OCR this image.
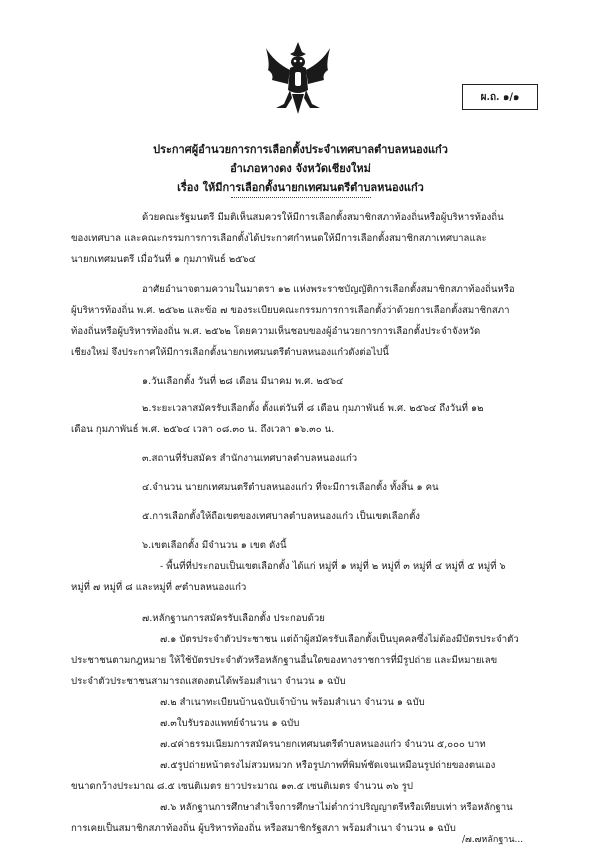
ผ.ถ. ๑/๑
ประกาศผู้อำนวยการการเลือกตั้งประจำเทศบาลตำบลหนองแก๋ว
อำเภอหางดง จังหวัดเชียงใหม่
เรื่อง ให้มีการเลือกตั้งนายกเทศมนตรีตำบลหนองแก๋ว
ด้วยคณะรัฐมนตรี มีมติเห็นสมควรให้มีการเลือกตั้งสมาชิกสภาท้องถิ่นหรือผู้บริหารท้องถิ่น
ของเทศบาล และคณะกรรมการการเลือกตั้งได้ประกาศกำหนดให้มีการเลือกตั้งสมาชิกสภาเทศบาลและ
นายกเทศมนตรี เมื่อวันที่ ๑ กุมภาพันธ์ ๒๕๖๔
อาศัยอำนาจตามความในมาตรา ๑๒ แห่งพระราชบัญญัติการเลือกตั้งสมาชิกสภาท้องถิ่นหรือ
ผู้บริหารท้องถิ่น พ.ศ. ๒๕๖๒ และข้อ ๗ ของระเบียบคณะกรรมการการเลือกตั้งว่าด้วยการเลือกตั้งสมาชิกสภา
ท้องถิ่นหรือผู้บริหารท้องถิ่น พ.ศ. ๒๕๖๒ โดยความเห็นชอบของผู้อำนวยการการเลือกตั้งประจำจังหวัด
เชียงใหม่ จึงประกาศให้มีการเลือกตั้งนายกเทศมนตรีตำบลหนองแก๋วดังต่อไปนี้
๑.วันเลือกตั้ง วันที่ ๒๘ เดือน มีนาคม พ.ศ. ๒๕๖๔
๒.ระยะเวลาสมัครรับเลือกตั้ง ตั้งแต่วันที่ ๘ เดือน กุมภาพันธ์ พ.ศ. ๒๕๖๔ ถึงวันที่ ๑๒
เดือน กุมภาพันธ์ พ.ศ. ๒๕๖๔ เวลา ๐๘.๓๐ น. ถึงเวลา ๑๖.๓๐ น.
๓.สถานที่รับสมัคร สำนักงานเทศบาลตำบลหนองแก๋ว
๔.จำนวน นายกเทศมนตรีตำบลหนองแก๋ว ที่จะมีการเลือกตั้ง ทั้งสิ้น ๑ คน
๕.การเลือกตั้งให้ถือเขตของเทศบาลตำบลหนองแก๋ว เป็นเขตเลือกตั้ง
๖.เขตเลือกตั้ง มีจำนวน ๑ เขต ดังนี้
- พื้นที่ที่ประกอบเป็นเขตเลือกตั้ง ได้แก่ หมู่ที่ ๑ หมู่ที่ ๒ หมู่ที่ ๓ หมู่ที่ ๔ หมู่ที่ ๕ หมู่ที่ ๖
หมู่ที่ ๗ หมู่ที่ ๘ และหมู่ที่ ๙ตำบลหนองแก๋ว
๗.หลักฐานการสมัครรับเลือกตั้ง ประกอบด้วย
๗.๑ บัตรประจำตัวประชาชน แต่ถ้าผู้สมัครรับเลือกตั้งเป็นบุคคลซึ่งไม่ต้องมีบัตรประจำตัว
ประชาชนตามกฎหมาย ให้ใช้บัตรประจำตัวหรือหลักฐานอื่นใดของทางราชการที่มีรูปถ่าย และมีหมายเลข
ประจำตัวประชาชนสามารถแสดงตนได้พร้อมสำเนา จำนวน ๑ ฉบับ
๗.๒ สำเนาทะเบียนบ้านฉบับเจ้าบ้าน พร้อมสำเนา จำนวน ๑ ฉบับ
๗.๓ใบรับรองแพทย์จำนวน ๑ ฉบับ
๗.๔ค่าธรรมเนียมการสมัครนายกเทศมนตรีตำบลหนองแก๋ว จำนวน ๕,๐๐๐ บาท
๗.๕รูปถ่ายหน้าตรงไม่สวมหมวก หรือรูปภาพที่พิมพ์ชัดเจนเหมือนรูปถ่ายของตนเอง
ขนาดกว้างประมาณ ๘.๕ เซนติเมตร ยาวประมาณ ๑๓.๕ เซนติเมตร จำนวน ๓๖ รูป
๗.๖ หลักฐานการศึกษาสำเร็จการศึกษาไม่ต่ำกว่าปริญญาตรีหรือเทียบเท่า หรือหลักฐาน
การเคยเป็นสมาชิกสภาท้องถิ่น ผู้บริหารท้องถิ่น หรือสมาชิกรัฐสภา พร้อมสำเนา จำนวน ๑ ฉบับ
/๗.๗หลักฐาน...
